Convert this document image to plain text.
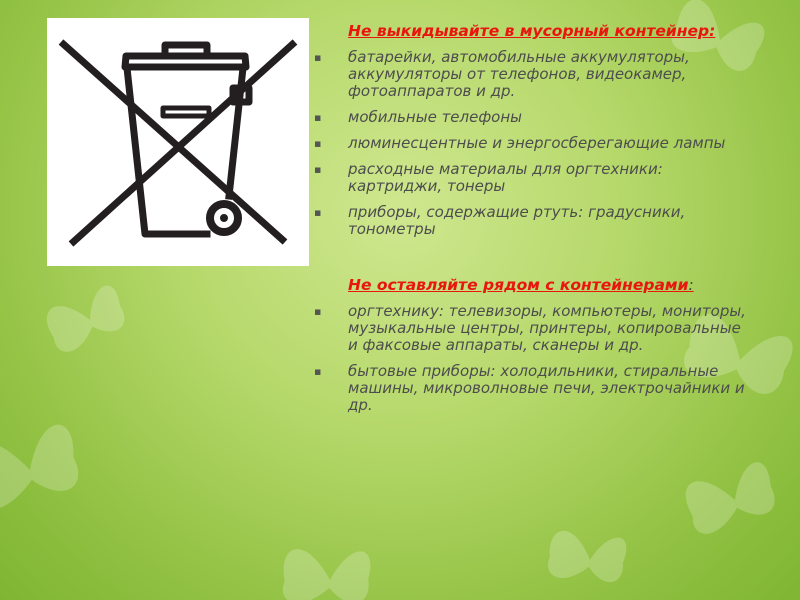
Не выкидывайте в мусорный контейнер:
▪ батарейки, автомобильные аккумуляторы, аккумуляторы от телефонов, видеокамер, фотоаппаратов и др.
▪ мобильные телефоны
▪ люминесцентные и энергосберегающие лампы
▪ расходные материалы для оргтехники: картриджи, тонеры
▪ приборы, содержащие ртуть: градусники, тонометры
Не оставляйте рядом с контейнерами:
▪ оргтехнику: телевизоры, компьютеры, мониторы, музыкальные центры, принтеры, копировальные и факсовые аппараты, сканеры и др.
▪ бытовые приборы: холодильники, стиральные машины, микроволновые печи, электрочайники и др.
